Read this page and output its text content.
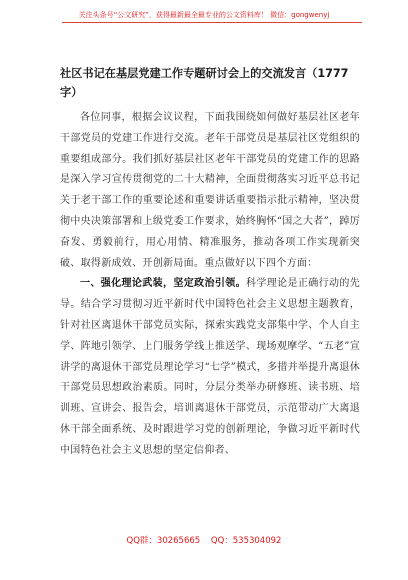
关注头条号“公文研究”，获得最新最全最专业的公文资料库！ 微信：gongwenyj
社区书记在基层党建工作专题研讨会上的交流发言（1777字）

各位同事，根据会议议程，下面我围绕如何做好基层社区老年干部党员的党建工作进行交流。老年干部党员是基层社区党组织的重要组成部分。我们抓好基层社区老年干部党员的党建工作的思路是深入学习宣传贯彻党的二十大精神，全面贯彻落实习近平总书记关于老干部工作的重要论述和重要讲话重要指示批示精神，坚决贯彻中央决策部署和上级党委工作要求，始终胸怀“国之大者”，踔厉奋发、勇毅前行，用心用情、精准服务，推动各项工作实现新突破、取得新成效、开创新局面。重点做好以下四个方面：

一、强化理论武装，坚定政治引领。科学理论是正确行动的先导。结合学习贯彻习近平新时代中国特色社会主义思想主题教育，针对社区离退休干部党员实际，探索实践党支部集中学、个人自主学、阵地引领学、上门服务学线上推送学、现场观摩学、“五老”宣讲学的离退休干部党员理论学习“七学”模式，多措并举提升离退休干部党员思想政治素质。同时，分层分类举办研修班、读书班、培训班、宣讲会、报告会，培训离退休干部党员，示范带动广大离退休干部全面系统、及时跟进学习党的创新理论，争做习近平新时代中国特色社会主义思想的坚定信仰者、

QQ群：30265665 QQ：535304092
